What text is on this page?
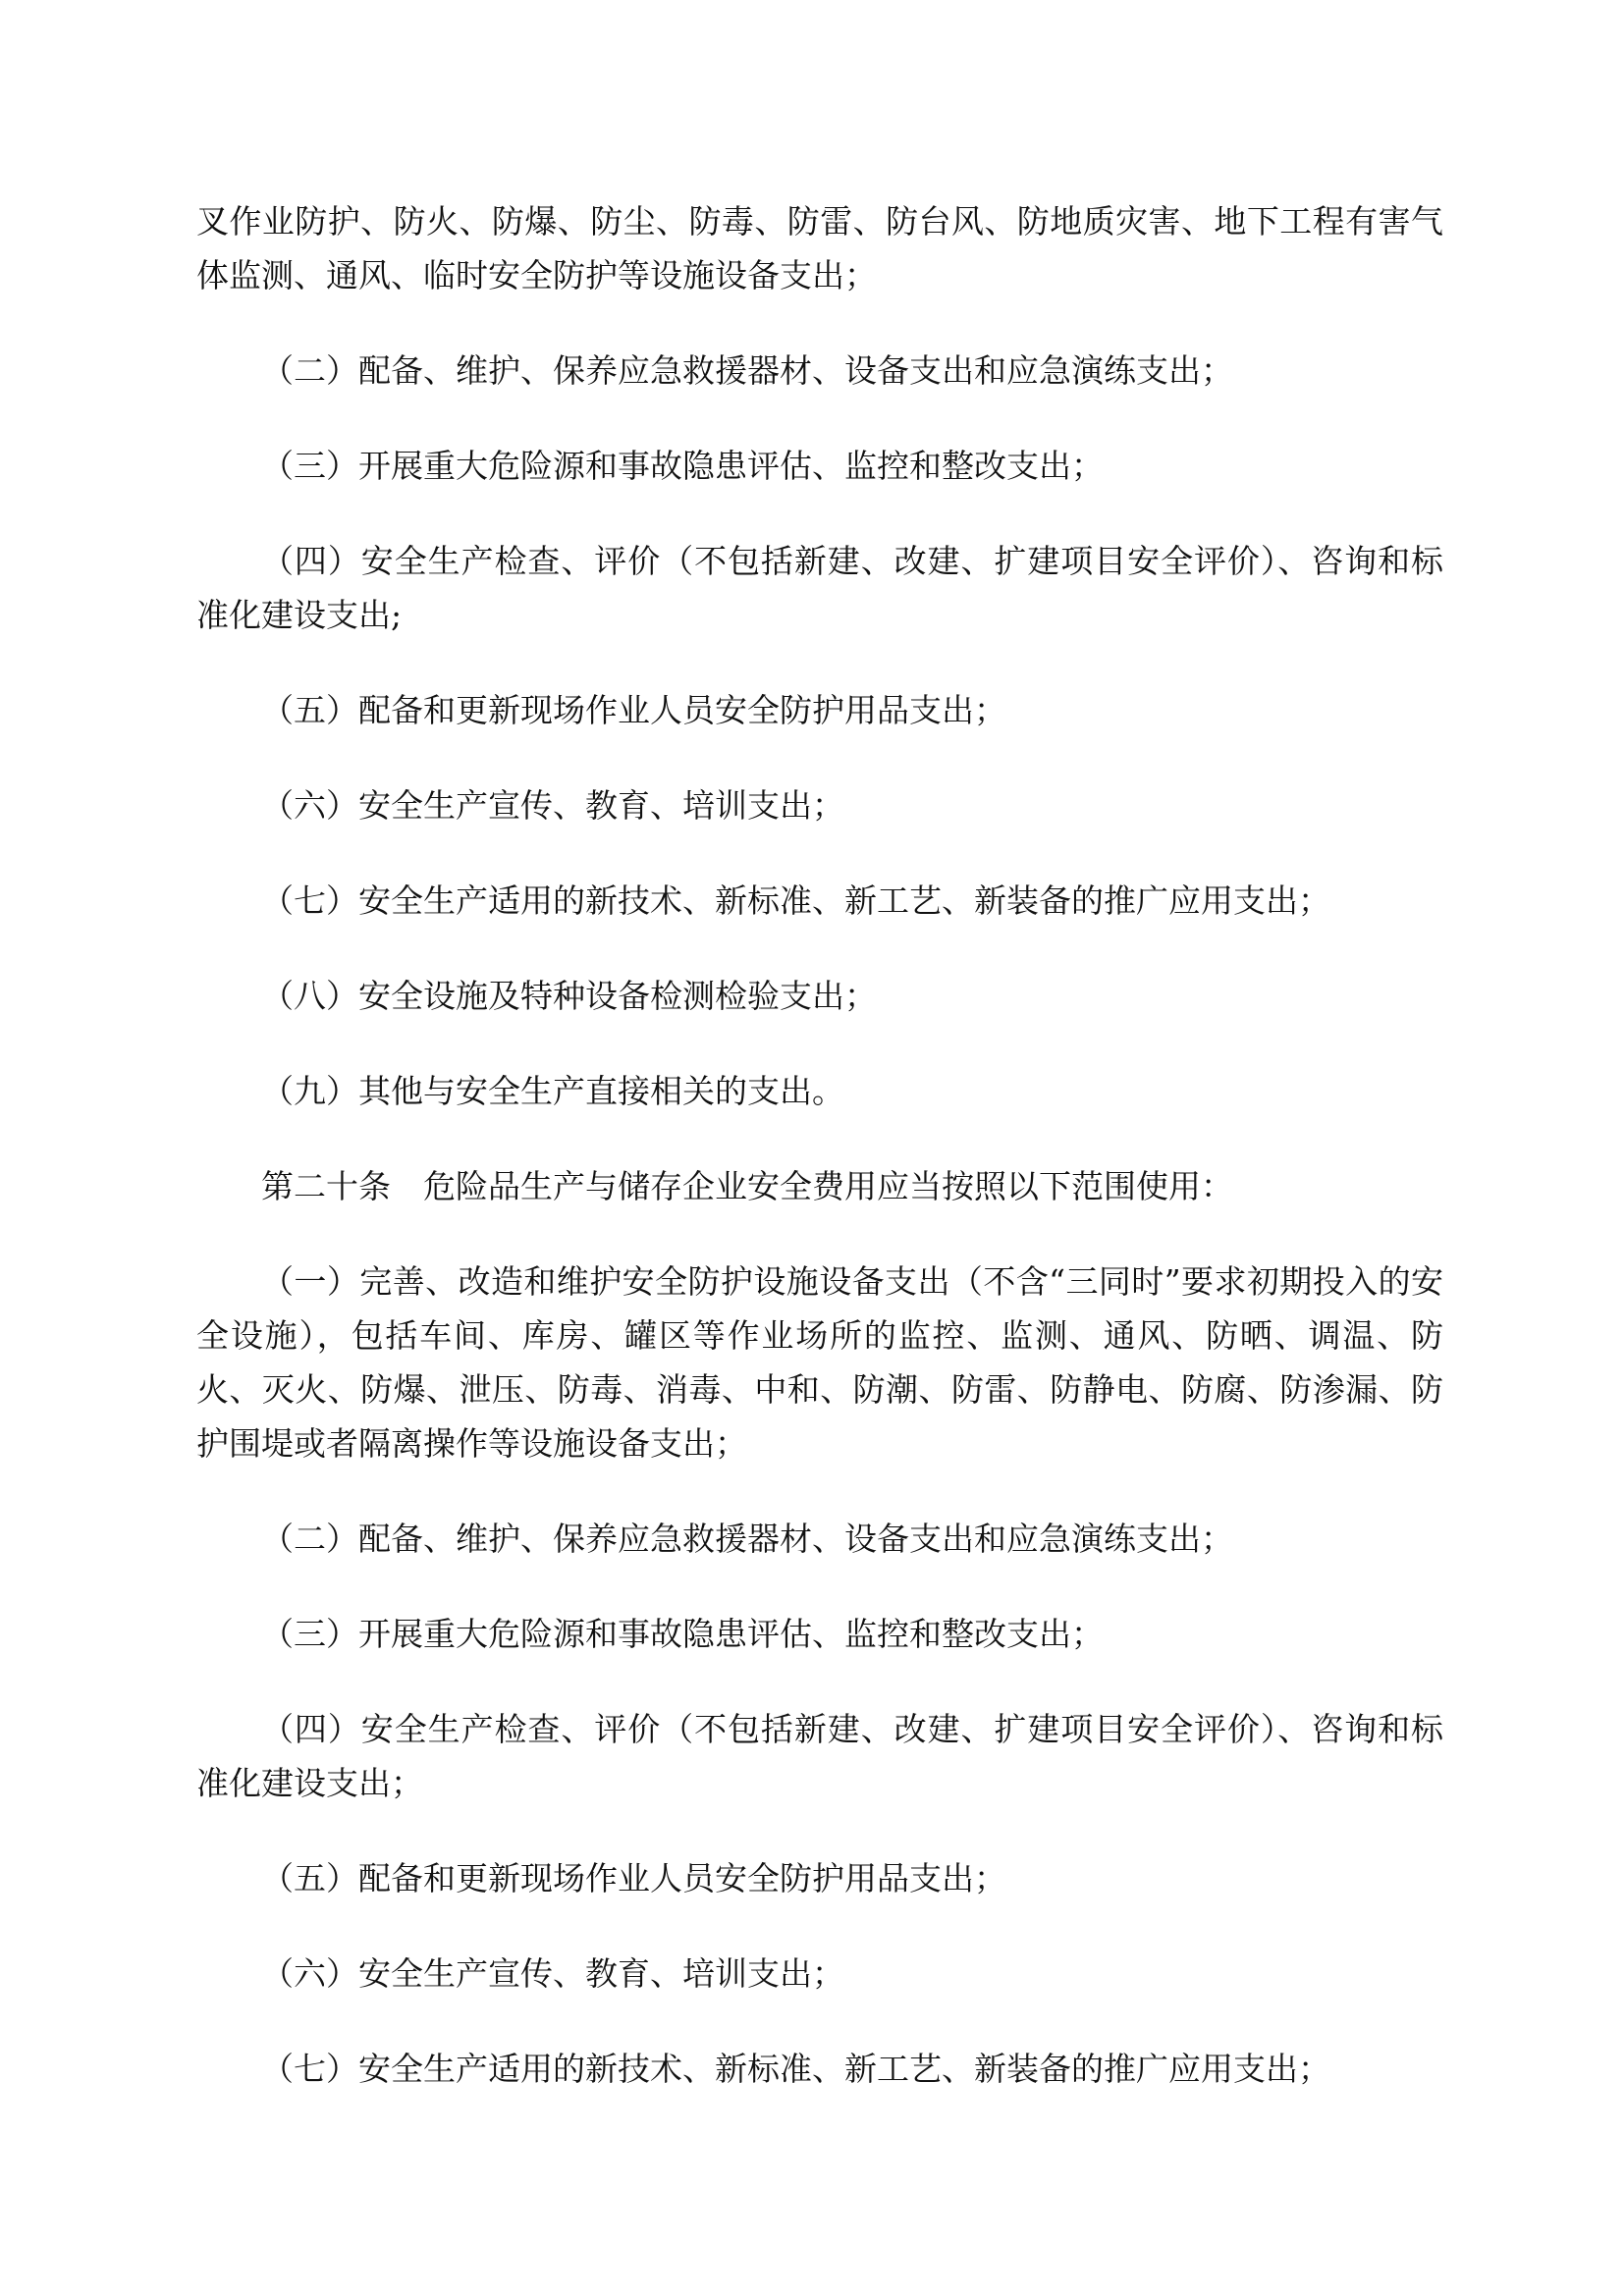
叉作业防护、防火、防爆、防尘、防毒、防雷、防台风、防地质灾害、地下工程有害气体监测、通风、临时安全防护等设施设备支出；

（二）配备、维护、保养应急救援器材、设备支出和应急演练支出；

（三）开展重大危险源和事故隐患评估、监控和整改支出；

（四）安全生产检查、评价（不包括新建、改建、扩建项目安全评价）、咨询和标准化建设支出;

（五）配备和更新现场作业人员安全防护用品支出；

（六）安全生产宣传、教育、培训支出；

（七）安全生产适用的新技术、新标准、新工艺、新装备的推广应用支出；

（八）安全设施及特种设备检测检验支出；

（九）其他与安全生产直接相关的支出。

第二十条 危险品生产与储存企业安全费用应当按照以下范围使用：

（一）完善、改造和维护安全防护设施设备支出（不含“三同时”要求初期投入的安全设施），包括车间、库房、罐区等作业场所的监控、监测、通风、防晒、调温、防火、灭火、防爆、泄压、防毒、消毒、中和、防潮、防雷、防静电、防腐、防渗漏、防护围堤或者隔离操作等设施设备支出；

（二）配备、维护、保养应急救援器材、设备支出和应急演练支出；

（三）开展重大危险源和事故隐患评估、监控和整改支出；

（四）安全生产检查、评价（不包括新建、改建、扩建项目安全评价）、咨询和标准化建设支出；

（五）配备和更新现场作业人员安全防护用品支出；

（六）安全生产宣传、教育、培训支出；

（七）安全生产适用的新技术、新标准、新工艺、新装备的推广应用支出；
